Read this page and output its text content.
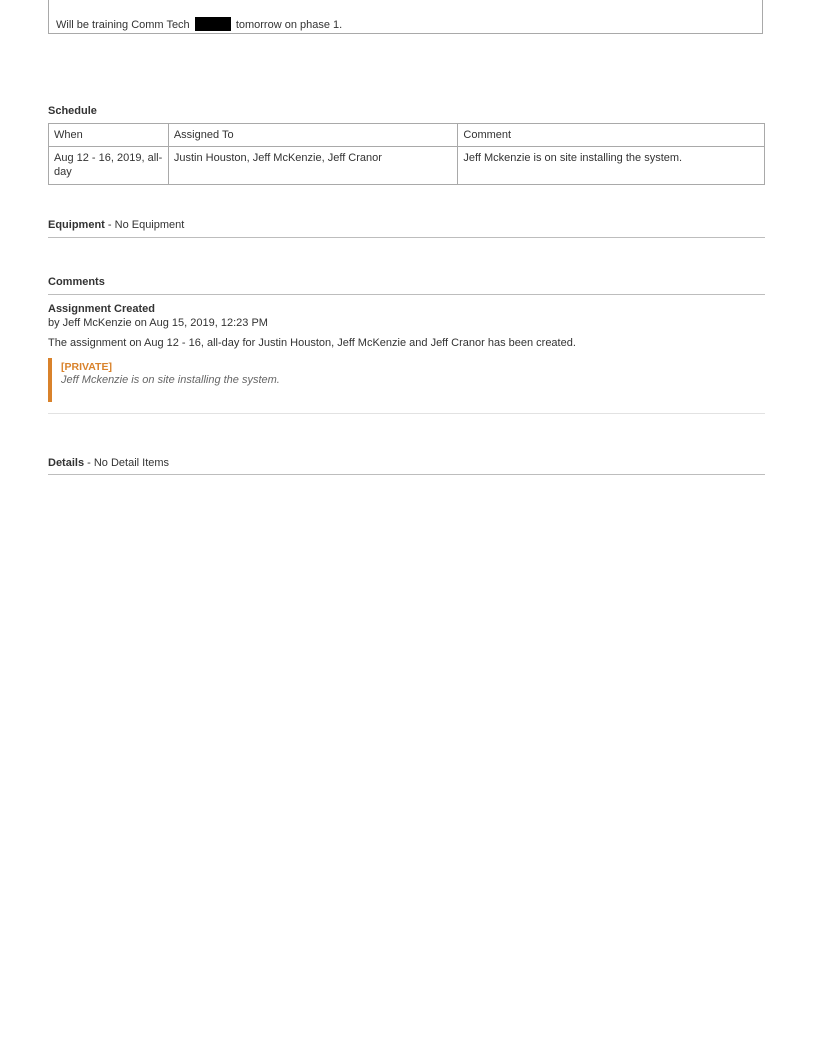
Will be training Comm Tech	tomorrow on phase 1.
Schedule
When	Assigned To	Comment
Aug 12 - 16, 2019, all-day	Justin Houston, Jeff McKenzie, Jeff Cranor	Jeff Mckenzie is on site installing the system.
Equipment - No Equipment
Comments
Assignment Created
by Jeff McKenzie on Aug 15, 2019, 12:23 PM
The assignment on Aug 12 - 16, all-day for Justin Houston, Jeff McKenzie and Jeff Cranor has been created.
[PRIVATE]
Jeff Mckenzie is on site installing the system.
Details - No Detail Items
